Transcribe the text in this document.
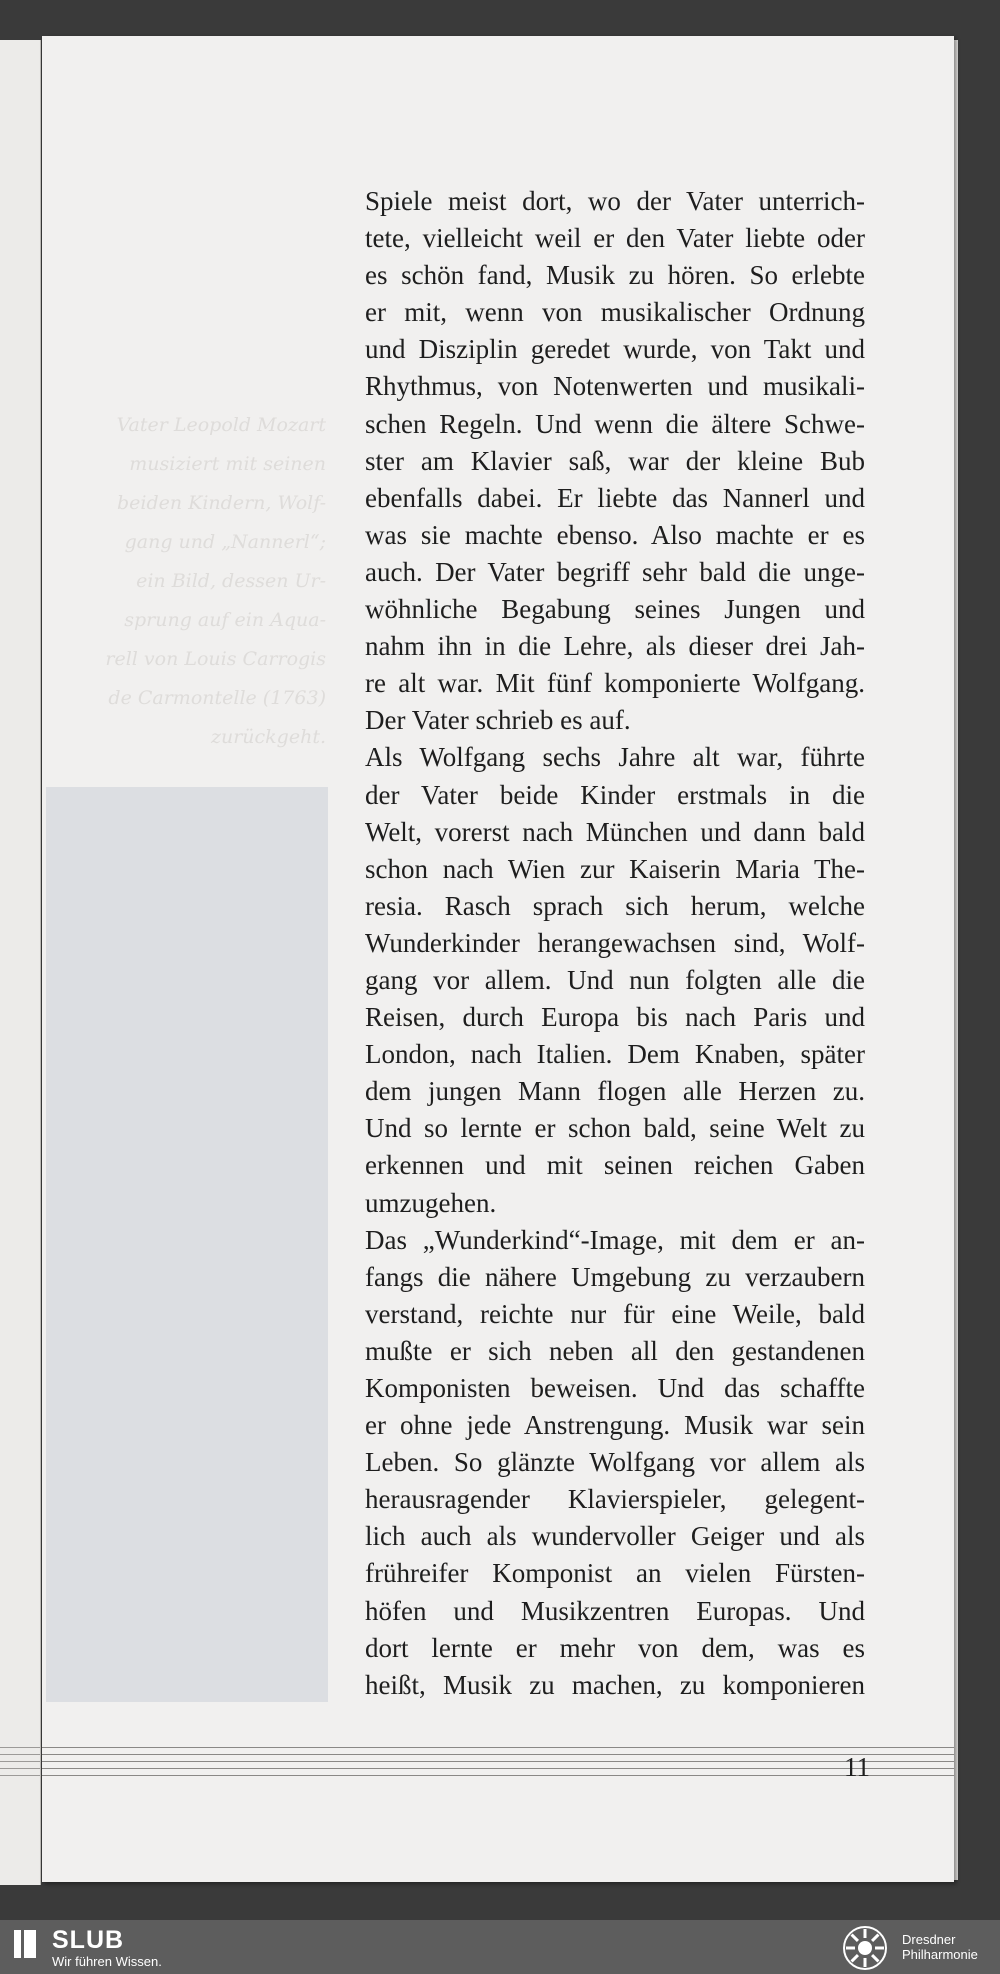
Vater Leopold Mozart
musiziert mit seinen
beiden Kindern, Wolf-
gang und „Nannerl“;
ein Bild, dessen Ur-
sprung auf ein Aqua-
rell von Louis Carrogis
de Carmontelle (1763)
zurückgeht.
Spiele meist dort, wo der Vater unterrich-
tete, vielleicht weil er den Vater liebte oder
es schön fand, Musik zu hören. So erlebte
er mit, wenn von musikalischer Ordnung
und Disziplin geredet wurde, von Takt und
Rhythmus, von Notenwerten und musikali-
schen Regeln. Und wenn die ältere Schwe-
ster am Klavier saß, war der kleine Bub
ebenfalls dabei. Er liebte das Nannerl und
was sie machte ebenso. Also machte er es
auch. Der Vater begriff sehr bald die unge-
wöhnliche Begabung seines Jungen und
nahm ihn in die Lehre, als dieser drei Jah-
re alt war. Mit fünf komponierte Wolfgang.
Der Vater schrieb es auf.
Als Wolfgang sechs Jahre alt war, führte
der Vater beide Kinder erstmals in die
Welt, vorerst nach München und dann bald
schon nach Wien zur Kaiserin Maria The-
resia. Rasch sprach sich herum, welche
Wunderkinder herangewachsen sind, Wolf-
gang vor allem. Und nun folgten alle die
Reisen, durch Europa bis nach Paris und
London, nach Italien. Dem Knaben, später
dem jungen Mann flogen alle Herzen zu.
Und so lernte er schon bald, seine Welt zu
erkennen und mit seinen reichen Gaben
umzugehen.
Das „Wunderkind“-Image, mit dem er an-
fangs die nähere Umgebung zu verzaubern
verstand, reichte nur für eine Weile, bald
mußte er sich neben all den gestandenen
Komponisten beweisen. Und das schaffte
er ohne jede Anstrengung. Musik war sein
Leben. So glänzte Wolfgang vor allem als
herausragender Klavierspieler, gelegent-
lich auch als wundervoller Geiger und als
frühreifer Komponist an vielen Fürsten-
höfen und Musikzentren Europas. Und
dort lernte er mehr von dem, was es
heißt, Musik zu machen, zu komponieren
11
SLUB
Wir führen Wissen.
Dresdner
Philharmonie
